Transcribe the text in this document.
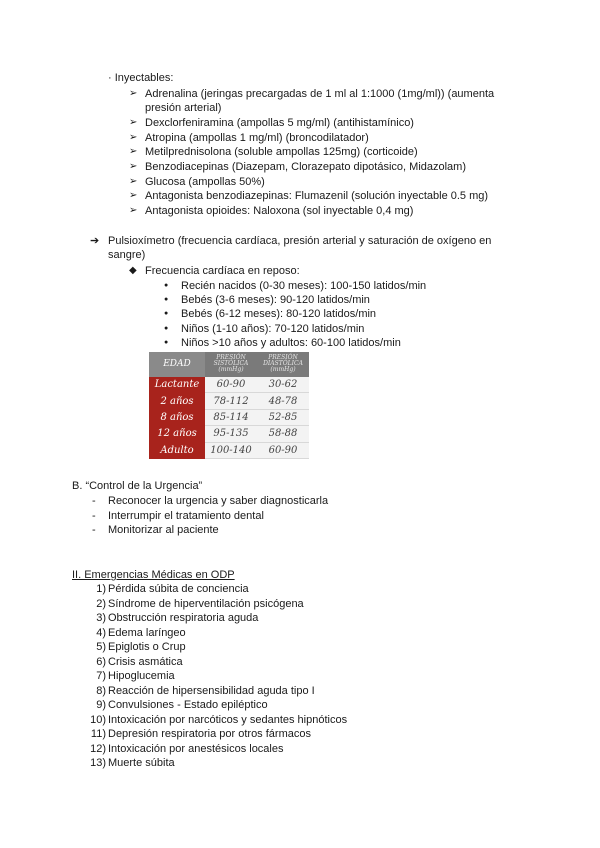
· Inyectables:
➢ Adrenalina (jeringas precargadas de 1 ml al 1:1000 (1mg/ml)) (aumenta presión arterial)
➢ Dexclorfeniramina (ampollas 5 mg/ml) (antihistamínico)
➢ Atropina (ampollas 1 mg/ml) (broncodilatador)
➢ Metilprednisolona (soluble ampollas 125mg) (corticoide)
➢ Benzodiacepinas (Diazepam, Clorazepato dipotásico, Midazolam)
➢ Glucosa (ampollas 50%)
➢ Antagonista benzodiazepinas: Flumazenil (solución inyectable 0.5 mg)
➢ Antagonista opioides: Naloxona (sol inyectable 0,4 mg)
➔ Pulsioxímetro (frecuencia cardíaca, presión arterial y saturación de oxígeno en sangre)
◆ Frecuencia cardíaca en reposo:
● Recién nacidos (0-30 meses): 100-150 latidos/min
● Bebés (3-6 meses): 90-120 latidos/min
● Bebés (6-12 meses): 80-120 latidos/min
● Niños (1-10 años): 70-120 latidos/min
● Niños >10 años y adultos: 60-100 latidos/min
EDAD	PRESIÓN SISTÓLICA (mmHg)	PRESIÓN DIASTÓLICA (mmHg)
Lactante	60-90	30-62
2 años	78-112	48-78
8 años	85-114	52-85
12 años	95-135	58-88
Adulto	100-140	60-90
B. “Control de la Urgencia”
- Reconocer la urgencia y saber diagnosticarla
- Interrumpir el tratamiento dental
- Monitorizar al paciente
II. Emergencias Médicas en ODP
1) Pérdida súbita de conciencia
2) Síndrome de hiperventilación psicógena
3) Obstrucción respiratoria aguda
4) Edema laríngeo
5) Epiglotis o Crup
6) Crisis asmática
7) Hipoglucemia
8) Reacción de hipersensibilidad aguda tipo I
9) Convulsiones - Estado epiléptico
10) Intoxicación por narcóticos y sedantes hipnóticos
11) Depresión respiratoria por otros fármacos
12) Intoxicación por anestésicos locales
13) Muerte súbita
